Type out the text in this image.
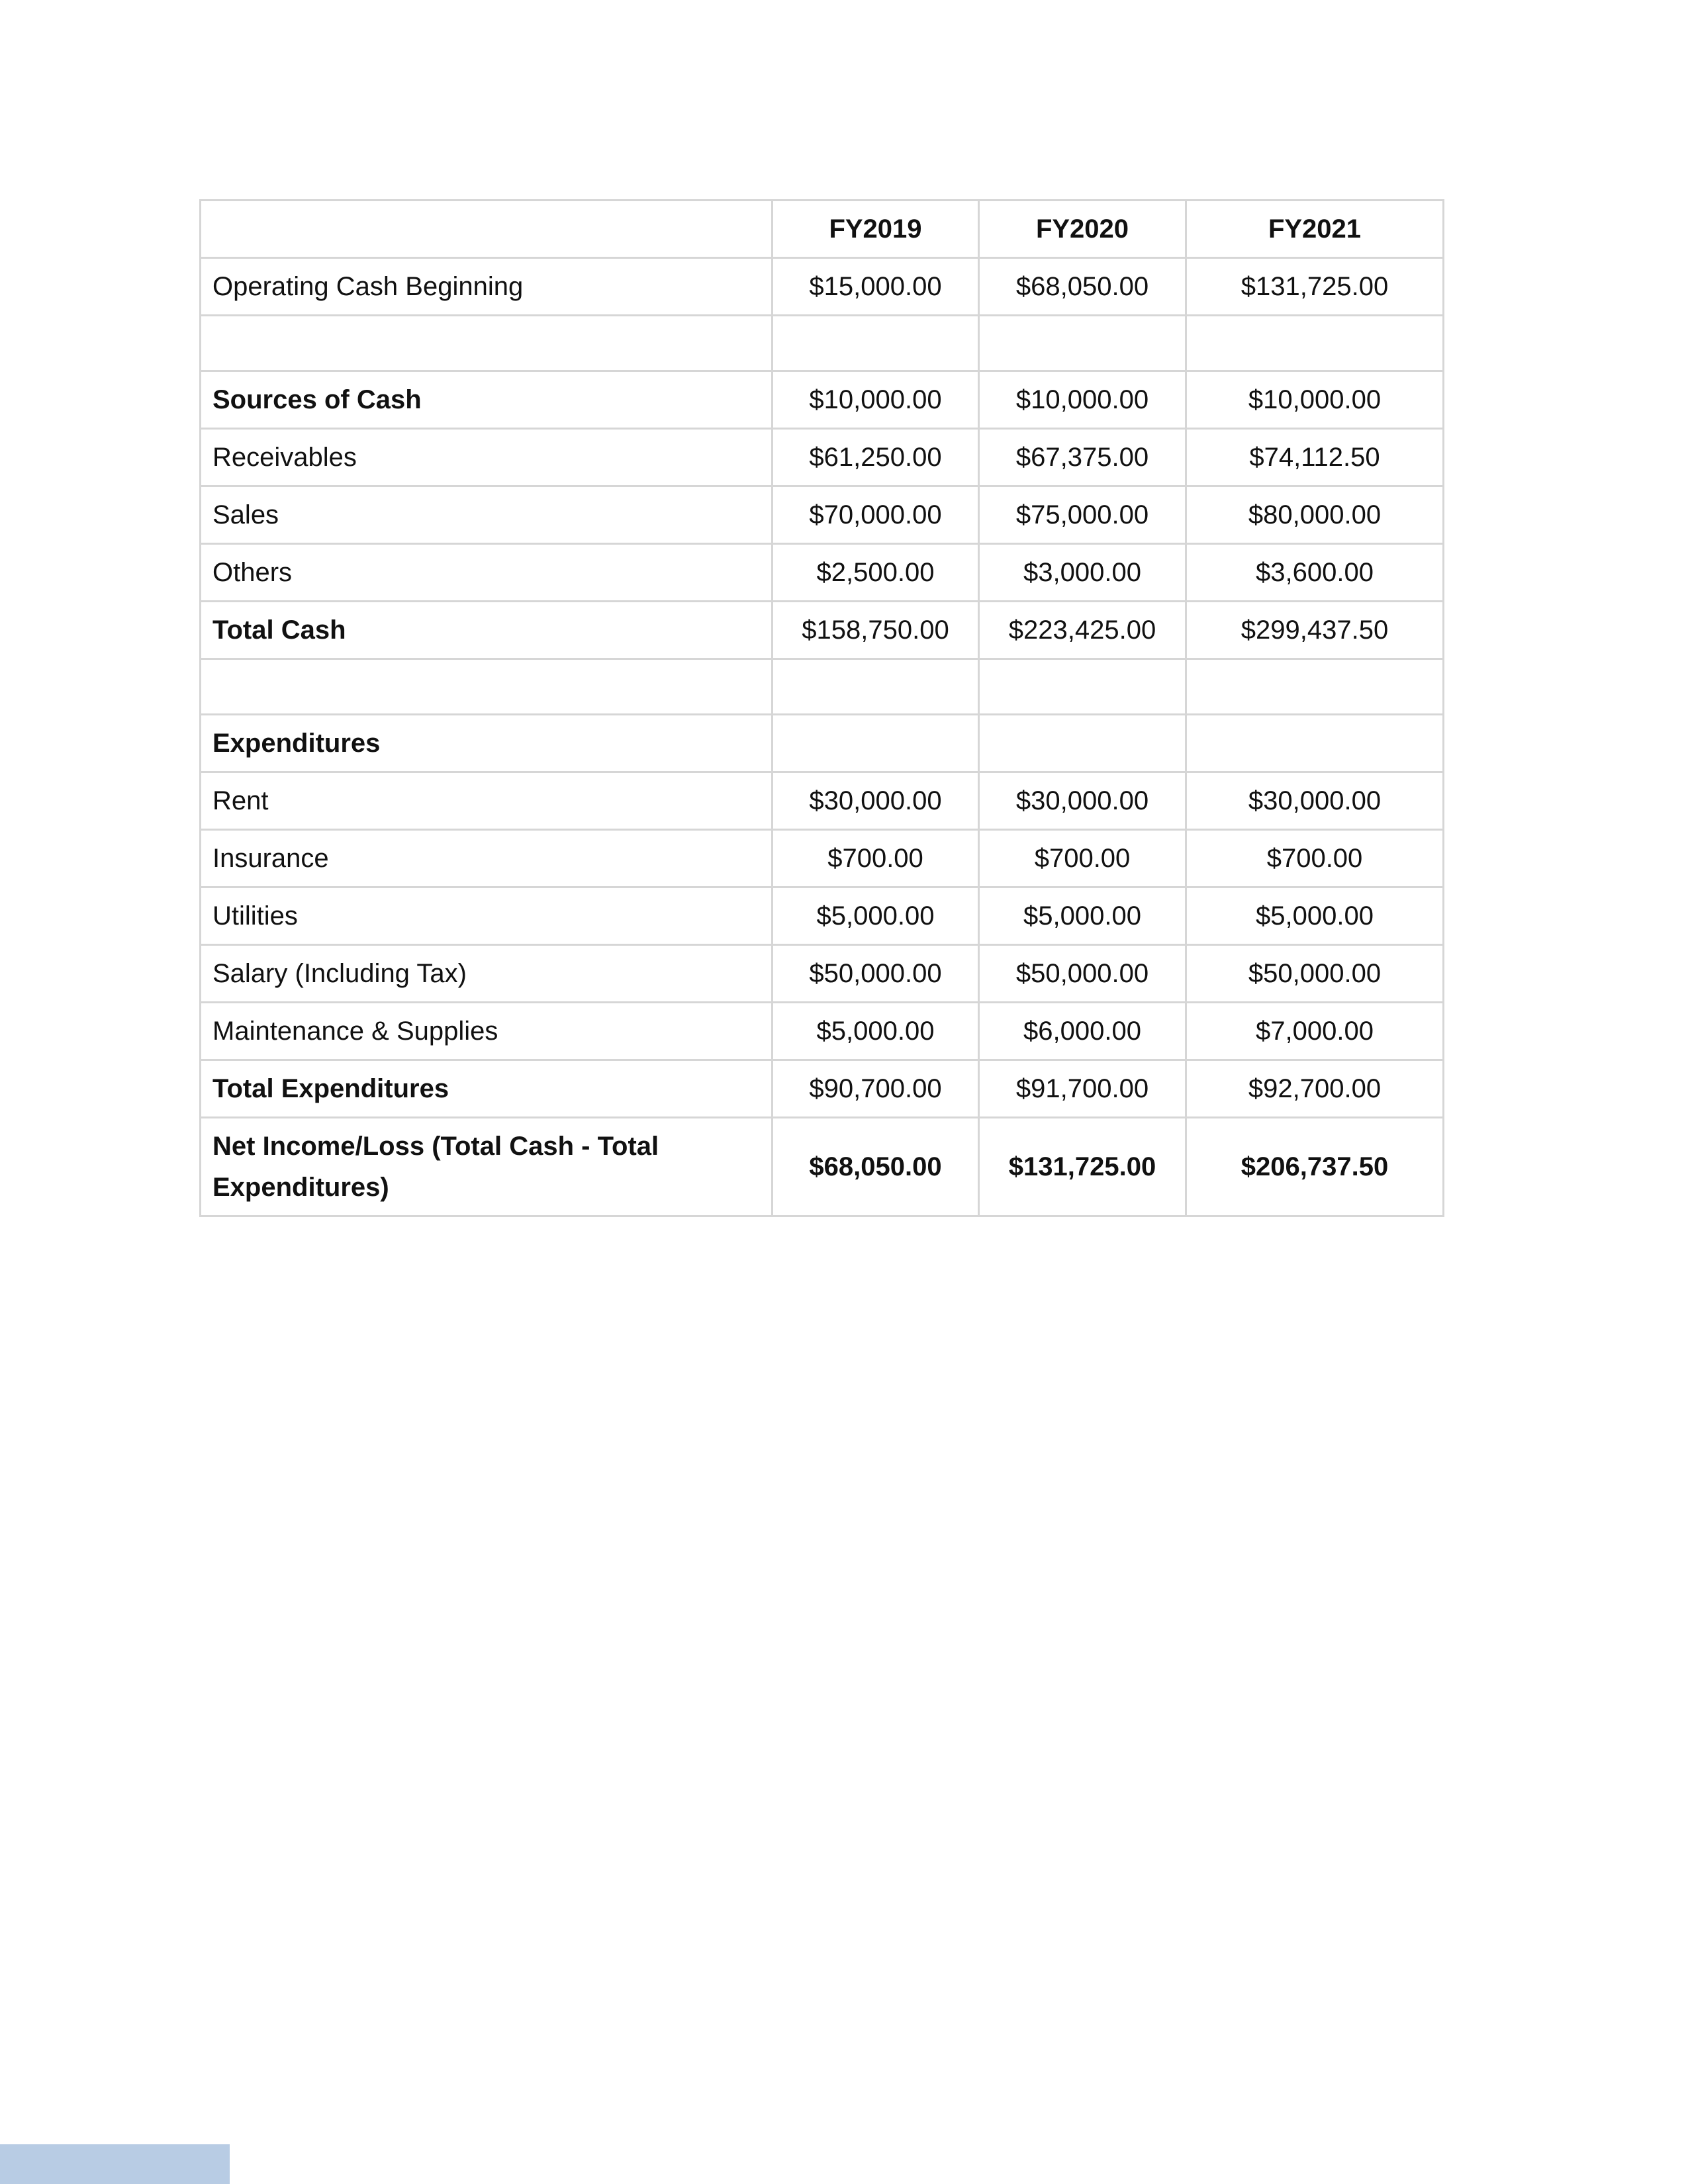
	FY2019	FY2020	FY2021
Operating Cash Beginning	$15,000.00	$68,050.00	$131,725.00

Sources of Cash	$10,000.00	$10,000.00	$10,000.00
Receivables	$61,250.00	$67,375.00	$74,112.50
Sales	$70,000.00	$75,000.00	$80,000.00
Others	$2,500.00	$3,000.00	$3,600.00
Total Cash	$158,750.00	$223,425.00	$299,437.50

Expenditures			
Rent	$30,000.00	$30,000.00	$30,000.00
Insurance	$700.00	$700.00	$700.00
Utilities	$5,000.00	$5,000.00	$5,000.00
Salary (Including Tax)	$50,000.00	$50,000.00	$50,000.00
Maintenance & Supplies	$5,000.00	$6,000.00	$7,000.00
Total Expenditures	$90,700.00	$91,700.00	$92,700.00
Net Income/Loss (Total Cash - Total Expenditures)	$68,050.00	$131,725.00	$206,737.50
